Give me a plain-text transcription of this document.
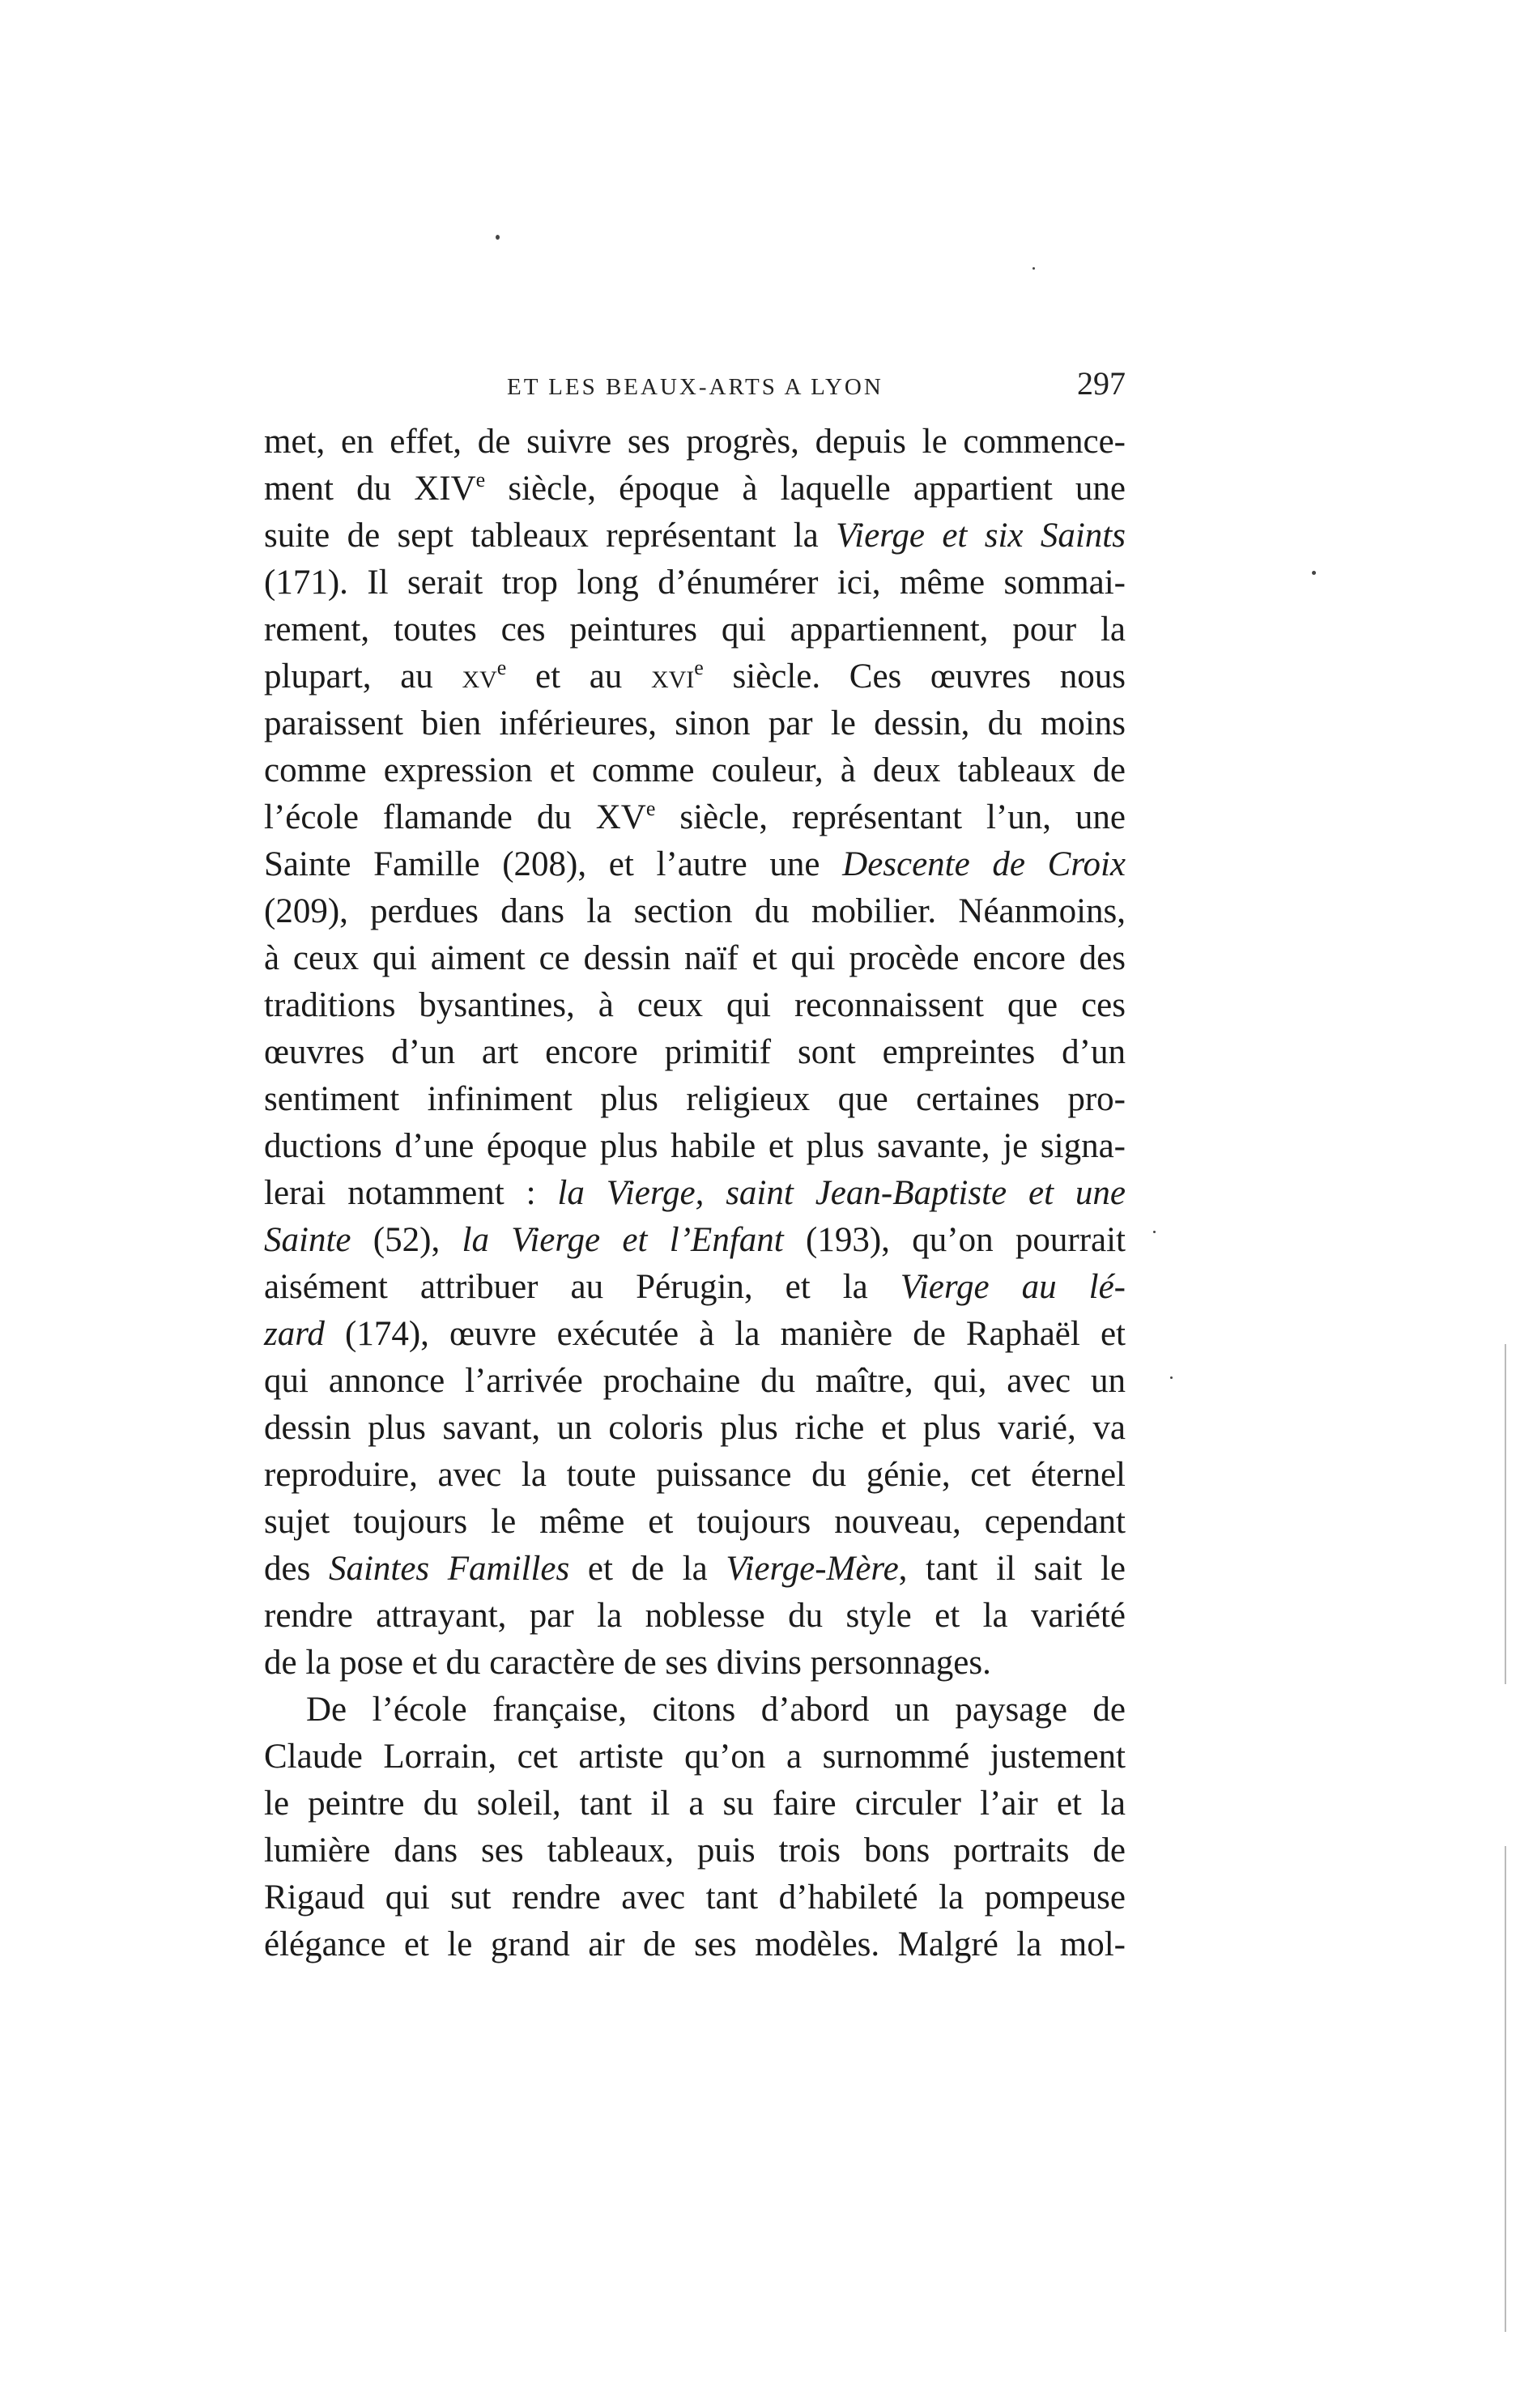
ET LES BEAUX-ARTS A LYON	297
met, en effet, de suivre ses progrès, depuis le commence-
ment du XIVe siècle, époque à laquelle appartient une
suite de sept tableaux représentant la Vierge et six Saints
(171). Il serait trop long d’énumérer ici, même sommai-
rement, toutes ces peintures qui appartiennent, pour la
plupart, au $xv^e$ et au xvi$^e$ siècle. Ces œuvres nous
paraissent bien inférieures, sinon par le dessin, du moins
comme expression et comme couleur, à deux tableaux de
l’école flamande du XVe siècle, représentant l’un, une
Sainte Famille (208), et l’autre une Descente de Croix
(209), perdues dans la section du mobilier. Néanmoins,
à ceux qui aiment ce dessin naïf et qui procède encore des
traditions bysantines, à ceux qui reconnaissent que ces
œuvres d’un art encore primitif sont empreintes d’un
sentiment infiniment plus religieux que certaines pro-
ductions d’une époque plus habile et plus savante, je signa-
lerai notamment : la Vierge, saint Jean-Baptiste et une
Sainte (52), la Vierge et l’Enfant (193), qu’on pourrait
aisément attribuer au Pérugin, et la Vierge au lé-
zard (174), œuvre exécutée à la manière de Raphaël et
qui annonce l’arrivée prochaine du maître, qui, avec un
dessin plus savant, un coloris plus riche et plus varié, va
reproduire, avec la toute puissance du génie, cet éternel
sujet toujours le même et toujours nouveau, cependant
des Saintes Familles et de la Vierge-Mère, tant il sait le
rendre attrayant, par la noblesse du style et la variété
de la pose et du caractère de ses divins personnages.
De l’école française, citons d’abord un paysage de
Claude Lorrain, cet artiste qu’on a surnommé justement
le peintre du soleil, tant il a su faire circuler l’air et la
lumière dans ses tableaux, puis trois bons portraits de
Rigaud qui sut rendre avec tant d’habileté la pompeuse
élégance et le grand air de ses modèles. Malgré la mol-
